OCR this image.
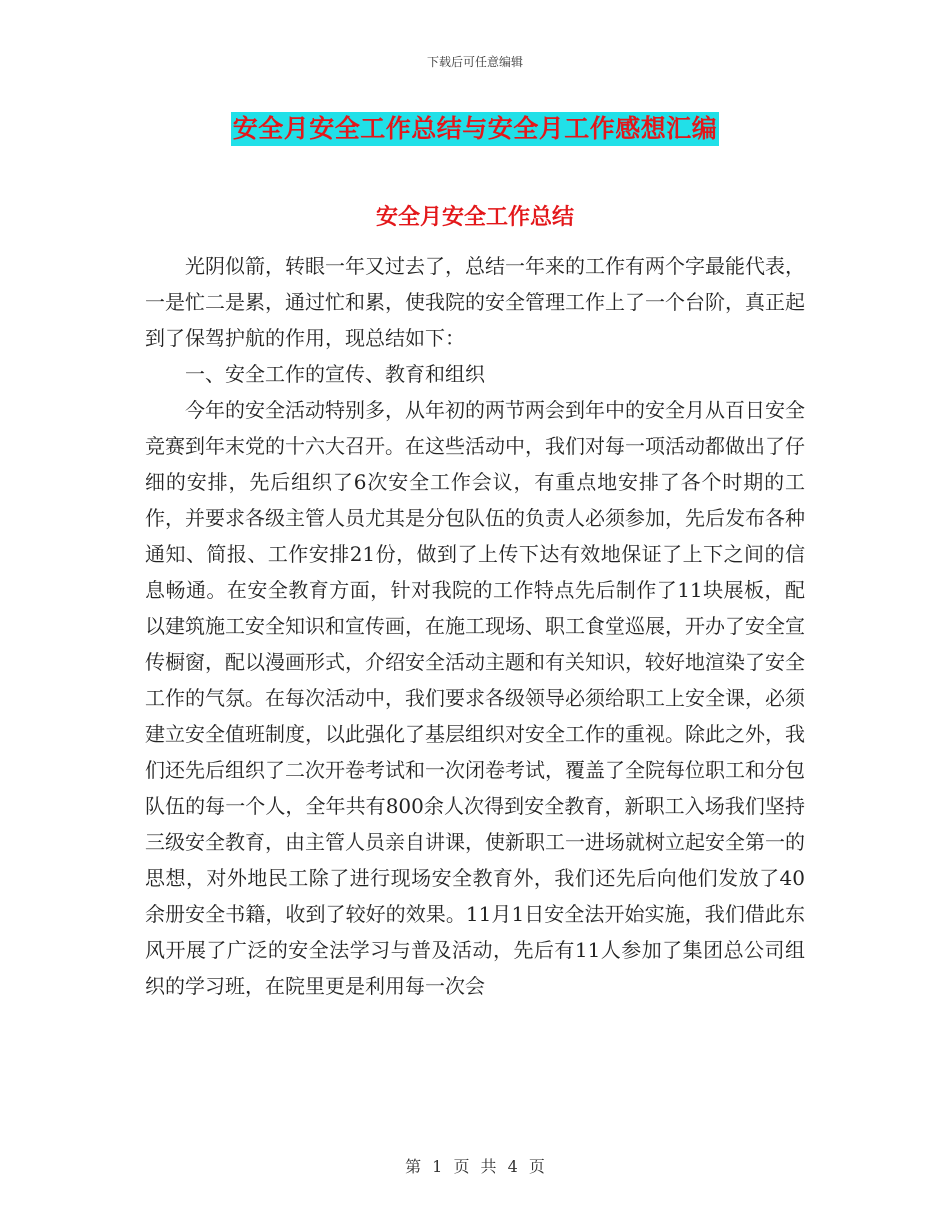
下载后可任意编辑
安全月安全工作总结与安全月工作感想汇编
安全月安全工作总结

光阴似箭，转眼一年又过去了，总结一年来的工作有两个字最能代表，一是忙二是累，通过忙和累，使我院的安全管理工作上了一个台阶，真正起到了保驾护航的作用，现总结如下：

一、安全工作的宣传、教育和组织

今年的安全活动特别多，从年初的两节两会到年中的安全月从百日安全竞赛到年末党的十六大召开。在这些活动中，我们对每一项活动都做出了仔细的安排，先后组织了6次安全工作会议，有重点地安排了各个时期的工作，并要求各级主管人员尤其是分包队伍的负责人必须参加，先后发布各种通知、简报、工作安排21份，做到了上传下达有效地保证了上下之间的信息畅通。在安全教育方面，针对我院的工作特点先后制作了11块展板，配以建筑施工安全知识和宣传画，在施工现场、职工食堂巡展，开办了安全宣传橱窗，配以漫画形式，介绍安全活动主题和有关知识，较好地渲染了安全工作的气氛。在每次活动中，我们要求各级领导必须给职工上安全课，必须建立安全值班制度，以此强化了基层组织对安全工作的重视。除此之外，我们还先后组织了二次开卷考试和一次闭卷考试，覆盖了全院每位职工和分包队伍的每一个人，全年共有800余人次得到安全教育，新职工入场我们坚持三级安全教育，由主管人员亲自讲课，使新职工一进场就树立起安全第一的思想，对外地民工除了进行现场安全教育外，我们还先后向他们发放了40余册安全书籍，收到了较好的效果。11月1日安全法开始实施，我们借此东风开展了广泛的安全法学习与普及活动，先后有11人参加了集团总公司组织的学习班，在院里更是利用每一次会

第 1 页 共 4 页
